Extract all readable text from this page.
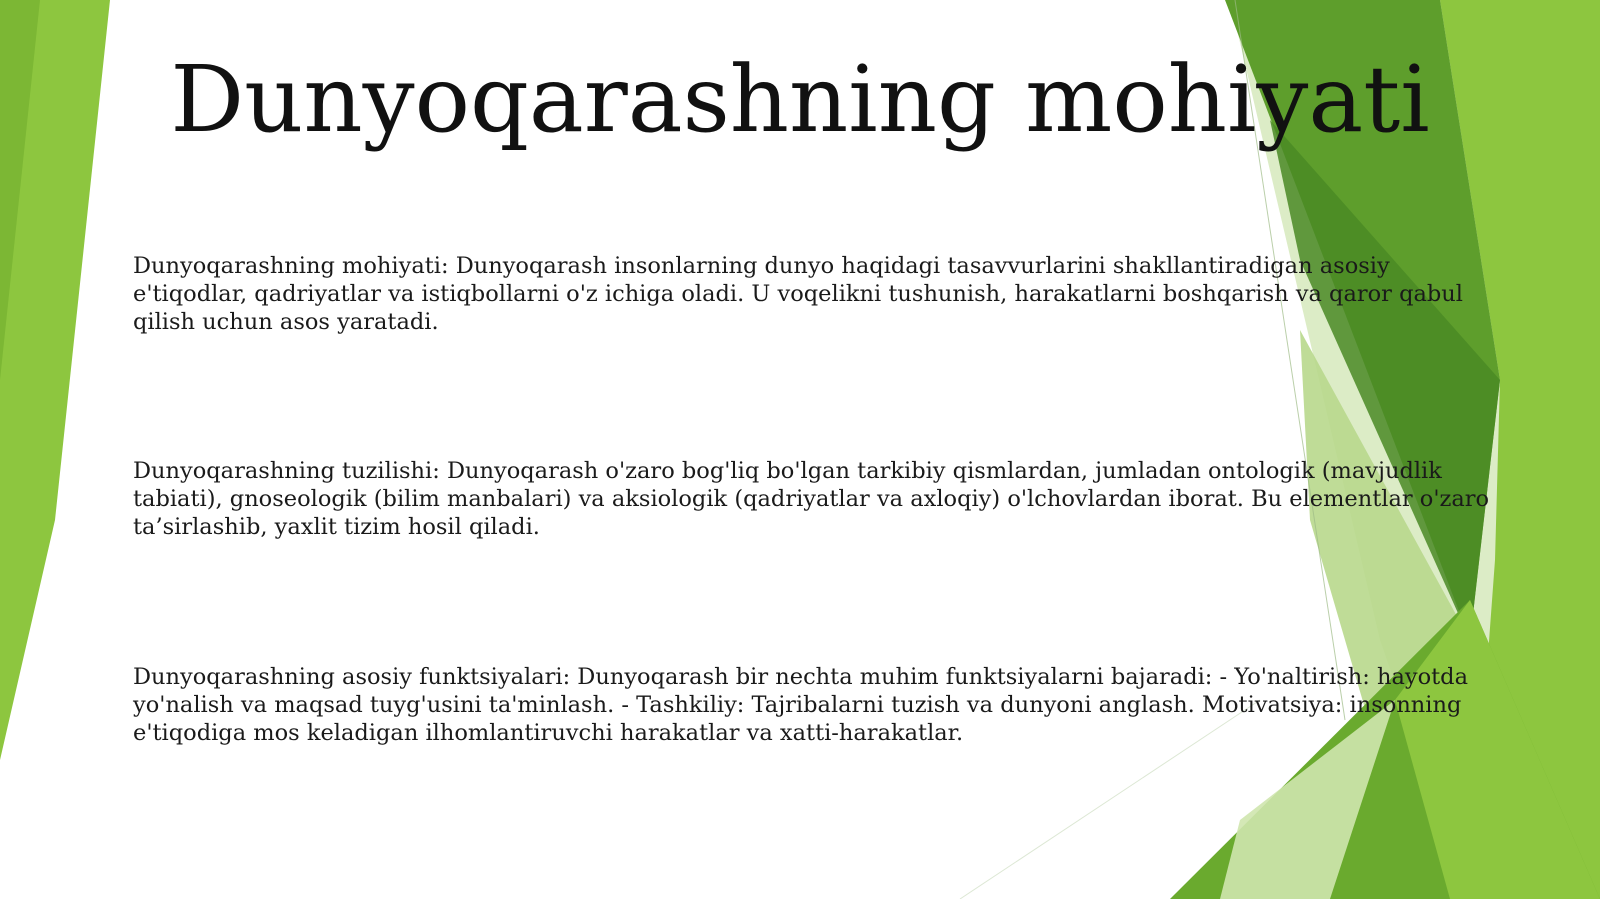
Dunyoqarashning mohiyati

Dunyoqarashning mohiyati: Dunyoqarash insonlarning dunyo haqidagi tasavvurlarini shakllantiradigan asosiy e'tiqodlar, qadriyatlar va istiqbollarni o'z ichiga oladi. U voqelikni tushunish, harakatlarni boshqarish va qaror qabul qilish uchun asos yaratadi.

Dunyoqarashning tuzilishi: Dunyoqarash o'zaro bog'liq bo'lgan tarkibiy qismlardan, jumladan ontologik (mavjudlik tabiati), gnoseologik (bilim manbalari) va aksiologik (qadriyatlar va axloqiy) o'lchovlardan iborat. Bu elementlar o'zaro ta’sirlashib, yaxlit tizim hosil qiladi.

Dunyoqarashning asosiy funktsiyalari: Dunyoqarash bir nechta muhim funktsiyalarni bajaradi: - Yo'naltirish: hayotda yo'nalish va maqsad tuyg'usini ta'minlash. - Tashkiliy: Tajribalarni tuzish va dunyoni anglash. Motivatsiya: insonning e'tiqodiga mos keladigan ilhomlantiruvchi harakatlar va xatti-harakatlar.
